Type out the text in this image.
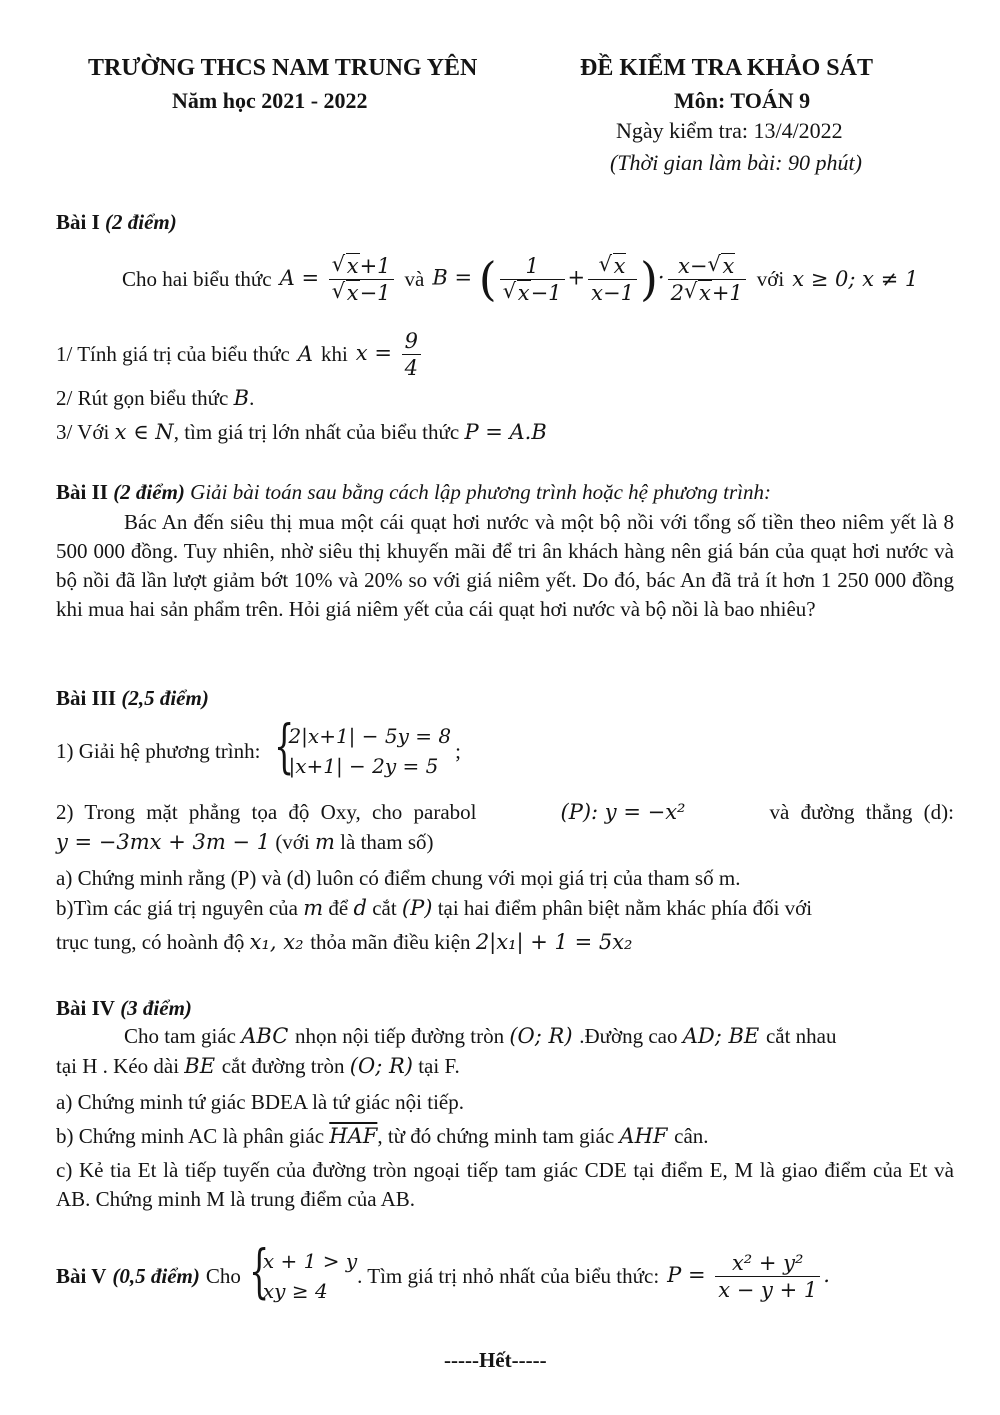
TRƯỜNG THCS NAM TRUNG YÊN
Năm học 2021 - 2022
ĐỀ KIỂM TRA KHẢO SÁT
Môn: TOÁN 9
Ngày kiểm tra: 13/4/2022
(Thời gian làm bài: 90 phút)
Bài I (2 điểm)
Cho hai biểu thức A = √ x+1
√ x−1 và B = ( 1
√ x−1 + √ $\frac{x}{x-1}$ )· $\frac{x- √ x}{2 √ x+1}$ với x ≥ 0; x ≠ 1
1/ Tính giá trị của biểu thức A khi $x = \frac{9}{4}$
2/ Rút gọn biểu thức B.
3/ Với x ∈ N, tìm giá trị lớn nhất của biểu thức P = A.B
Bài II (2 điểm) Giải bài toán sau bằng cách lập phương trình hoặc hệ phương trình:
Bác An đến siêu thị mua một cái quạt hơi nước và một bộ nồi với tổng số tiền theo niêm yết là 8 500 000 đồng. Tuy nhiên, nhờ siêu thị khuyến mãi để tri ân khách hàng nên giá bán của quạt hơi nước và bộ nồi đã lần lượt giảm bớt 10% và 20% so với giá niêm yết. Do đó, bác An đã trả ít hơn 1 250 000 đồng khi mua hai sản phẩm trên. Hỏi giá niêm yết của cái quạt hơi nước và bộ nồi là bao nhiêu?
Bài III (2,5 điểm)
1) Giải hệ phương trình: {
2|x+1| − 5y = 8
|x+1| − 2y = 5
;
2) Trong mặt phẳng tọa độ Oxy, cho parabol	(P): y = −x²	và đường thẳng (d):
y = −3mx + 3m − 1 (với m là tham số)
a) Chứng minh rằng (P) và (d) luôn có điểm chung với mọi giá trị của tham số m.
b)Tìm các giá trị nguyên của m để d cắt (P) tại hai điểm phân biệt nằm khác phía đối với
trục tung, có hoành độ x₁, x₂ thỏa mãn điều kiện 2|x₁| + 1 = 5x₂
Bài IV (3 điểm)
Cho tam giác ABC nhọn nội tiếp đường tròn (O; R) .Đường cao AD; BE cắt nhau
tại H . Kéo dài BE cắt đường tròn (O; R) tại F.
a) Chứng minh tứ giác BDEA là tứ giác nội tiếp.
b) Chứng minh AC là phân giác HAF, từ đó chứng minh tam giác AHF cân.
c) Kẻ tia Et là tiếp tuyến của đường tròn ngoại tiếp tam giác CDE tại điểm E, M là giao điểm của Et và AB. Chứng minh M là trung điểm của AB.
Bài V (0,5 điểm) Cho {
x + 1 > y
xy ≥ 4
. Tìm giá trị nhỏ nhất của biểu thức: $P = \frac{\text{x² + y²}}{x - y + 1}$ .
-----Hết-----
